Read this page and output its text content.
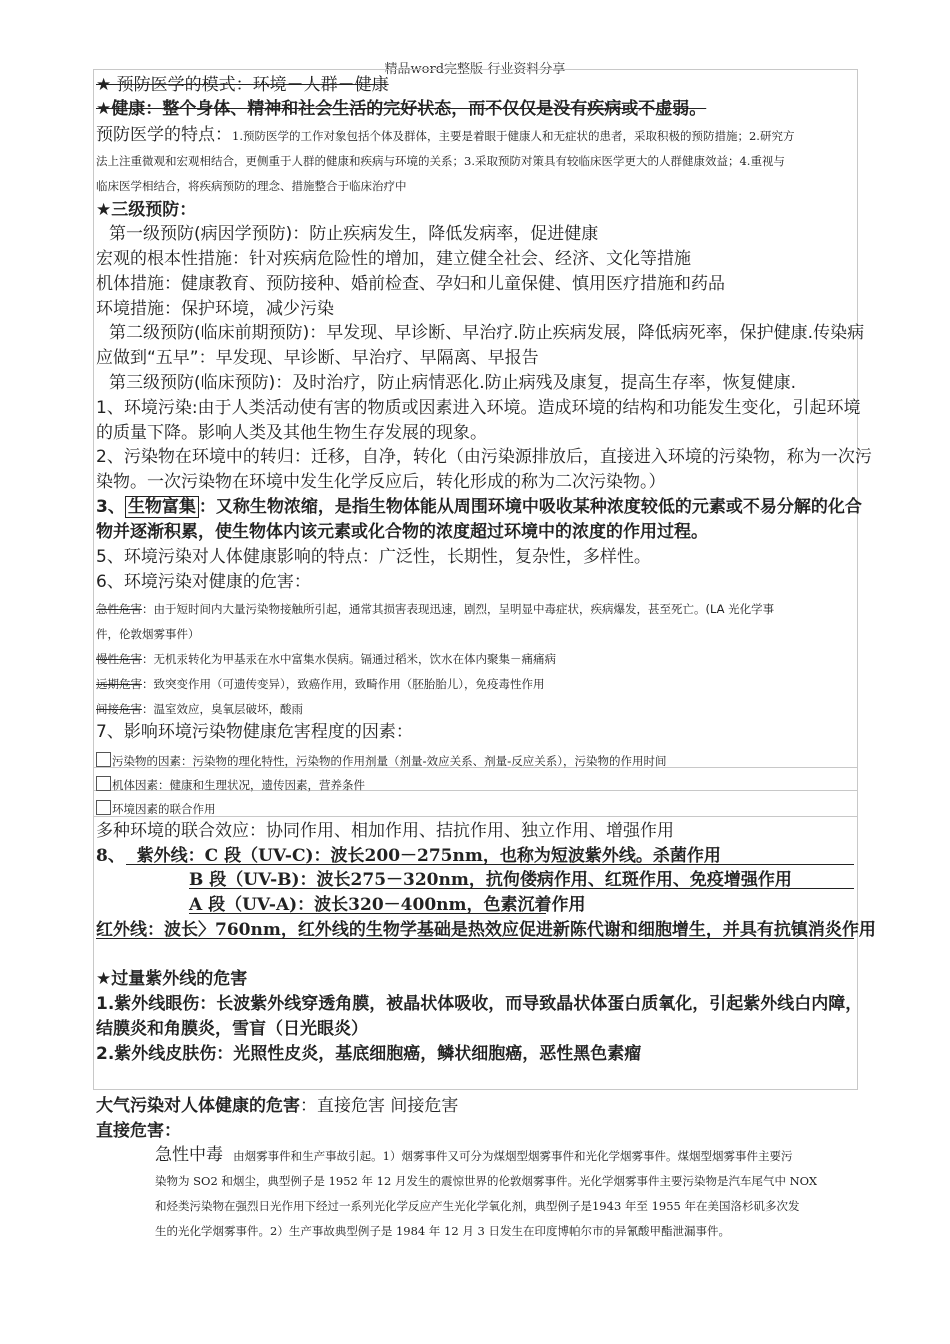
精品word完整版-行业资料分享
★ 预防医学的模式：环境－人群－健康
★健康：整个身体、精神和社会生活的完好状态，而不仅仅是没有疾病或不虚弱。
预防医学的特点：1.预防医学的工作对象包括个体及群体，主要是着眼于健康人和无症状的患者，采取积极的预防措施；2.研究方
法上注重微观和宏观相结合，更侧重于人群的健康和疾病与环境的关系；3.采取预防对策具有较临床医学更大的人群健康效益；4.重视与
临床医学相结合，将疾病预防的理念、措施整合于临床治疗中
★三级预防：
第一级预防(病因学预防)：防止疾病发生，降低发病率，促进健康
宏观的根本性措施：针对疾病危险性的增加，建立健全社会、经济、文化等措施
机体措施：健康教育、预防接种、婚前检查、孕妇和儿童保健、慎用医疗措施和药品
环境措施：保护环境，减少污染
第二级预防(临床前期预防)：早发现、早诊断、早治疗.防止疾病发展，降低病死率，保护健康.传染病
应做到“五早”：早发现、早诊断、早治疗、早隔离、早报告
第三级预防(临床预防)：及时治疗，防止病情恶化.防止病残及康复，提高生存率，恢复健康.
1、环境污染:由于人类活动使有害的物质或因素进入环境。造成环境的结构和功能发生变化，引起环境
的质量下降。影响人类及其他生物生存发展的现象。
2、污染物在环境中的转归：迁移，自净，转化（由污染源排放后，直接进入环境的污染物，称为一次污
染物。一次污染物在环境中发生化学反应后，转化形成的称为二次污染物。）
3、 生物富集 ：又称生物浓缩，是指生物体能从周围环境中吸收某种浓度较低的元素或不易分解的化合
物并逐渐积累，使生物体内该元素或化合物的浓度超过环境中的浓度的作用过程。
5、环境污染对人体健康影响的特点：广泛性，长期性，复杂性，多样性。
6、环境污染对健康的危害：
急性危害：由于短时间内大量污染物接触所引起，通常其损害表现迅速，剧烈，呈明显中毒症状，疾病爆发，甚至死亡。(LA 光化学事
件，伦敦烟雾事件）
慢性危害：无机汞转化为甲基汞在水中富集水俣病。镉通过稻米，饮水在体内聚集－痛痛病
远期危害：致突变作用（可遗传变异），致癌作用，致畸作用（胚胎胎儿），免疫毒性作用
间接危害：温室效应，臭氧层破坏，酸雨
7、影响环境污染物健康危害程度的因素：
污染物的因素：污染物的理化特性，污染物的作用剂量（剂量-效应关系、剂量-反应关系），污染物的作用时间
机体因素：健康和生理状况，遗传因素，营养条件
环境因素的联合作用
多种环境的联合效应：协同作用、相加作用、拮抗作用、独立作用、增强作用
8、 紫外线：C 段（UV-C)：波长200－275nm，也称为短波紫外线。杀菌作用
B 段（UV-B)：波长275－320nm，抗佝偻病作用、红斑作用、免疫增强作用
A 段（UV-A)：波长320－400nm，色素沉着作用
红外线：波长〉760nm，红外线的生物学基础是热效应促进新陈代谢和细胞增生，并具有抗镇消炎作用
★过量紫外线的危害
1.紫外线眼伤：长波紫外线穿透角膜，被晶状体吸收，而导致晶状体蛋白质氧化，引起紫外线白内障，
结膜炎和角膜炎，雪盲（日光眼炎）
2.紫外线皮肤伤：光照性皮炎，基底细胞癌，鳞状细胞癌，恶性黑色素瘤
大气污染对人体健康的危害：直接危害 间接危害
直接危害：
急性中毒 由烟雾事件和生产事故引起。1）烟雾事件又可分为煤烟型烟雾事件和光化学烟雾事件。煤烟型烟雾事件主要污
染物为 SO2 和烟尘，典型例子是 1952 年 12 月发生的震惊世界的伦敦烟雾事件。光化学烟雾事件主要污染物是汽车尾气中 NOX
和烃类污染物在强烈日光作用下经过一系列光化学反应产生光化学氧化剂，典型例子是1943 年至 1955 年在美国洛杉矶多次发
生的光化学烟雾事件。2）生产事故典型例子是 1984 年 12 月 3 日发生在印度博帕尔市的异氰酸甲酯泄漏事件。
